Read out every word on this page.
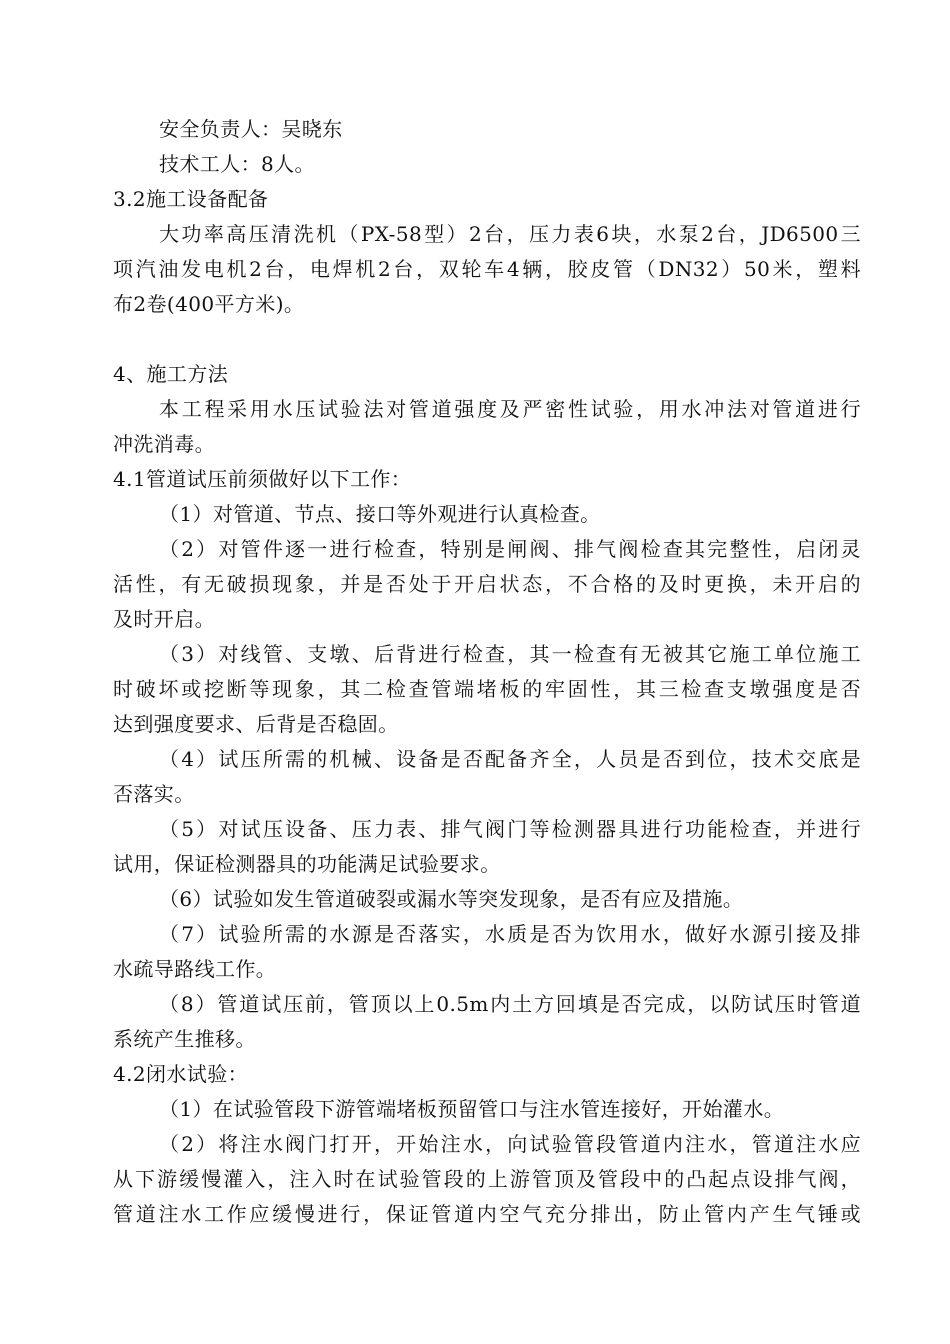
安全负责人：吴晓东
技术工人：8人。
3.2施工设备配备
大功率高压清洗机（PX-58型）2台，压力表6块，水泵2台，JD6500三
项汽油发电机2台，电焊机2台，双轮车4辆，胶皮管（DN32）50米，塑料
布2卷(400平方米)。
4、施工方法
本工程采用水压试验法对管道强度及严密性试验，用水冲法对管道进行
冲洗消毒。
4.1管道试压前须做好以下工作：
（1）对管道、节点、接口等外观进行认真检查。
（2）对管件逐一进行检查，特别是闸阀、排气阀检查其完整性，启闭灵
活性，有无破损现象，并是否处于开启状态，不合格的及时更换，未开启的
及时开启。
（3）对线管、支墩、后背进行检查，其一检查有无被其它施工单位施工
时破坏或挖断等现象，其二检查管端堵板的牢固性，其三检查支墩强度是否
达到强度要求、后背是否稳固。
（4）试压所需的机械、设备是否配备齐全，人员是否到位，技术交底是
否落实。
（5）对试压设备、压力表、排气阀门等检测器具进行功能检查，并进行
试用，保证检测器具的功能满足试验要求。
（6）试验如发生管道破裂或漏水等突发现象，是否有应及措施。
（7）试验所需的水源是否落实，水质是否为饮用水，做好水源引接及排
水疏导路线工作。
（8）管道试压前，管顶以上0.5m内土方回填是否完成，以防试压时管道
系统产生推移。
4.2闭水试验：
（1）在试验管段下游管端堵板预留管口与注水管连接好，开始灌水。
（2）将注水阀门打开，开始注水，向试验管段管道内注水，管道注水应
从下游缓慢灌入，注入时在试验管段的上游管顶及管段中的凸起点设排气阀，
管道注水工作应缓慢进行，保证管道内空气充分排出，防止管内产生气锤或
